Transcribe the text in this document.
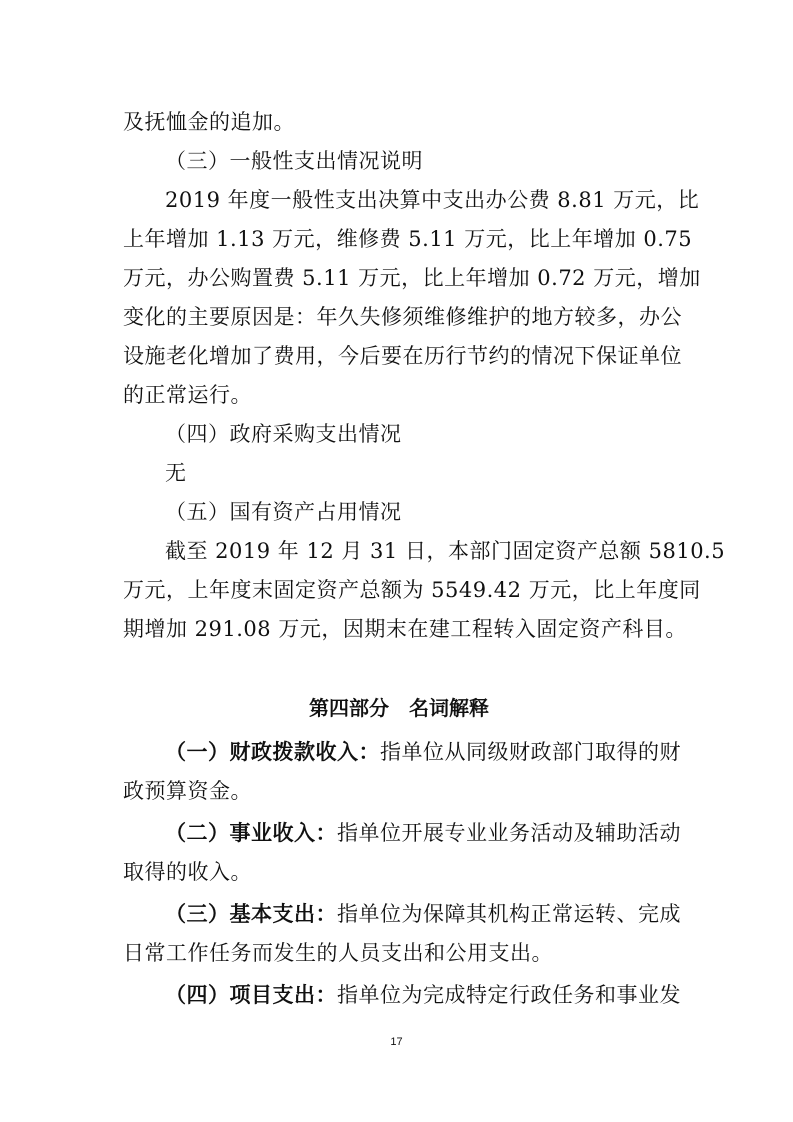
及抚恤金的追加。
（三）一般性支出情况说明
2019 年度一般性支出决算中支出办公费 8.81 万元，比
上年增加 1.13 万元，维修费 5.11 万元，比上年增加 0.75
万元，办公购置费 5.11 万元，比上年增加 0.72 万元，增加
变化的主要原因是：年久失修须维修维护的地方较多，办公
设施老化增加了费用，今后要在历行节约的情况下保证单位
的正常运行。
（四）政府采购支出情况
无
（五）国有资产占用情况
截至 2019 年 12 月 31 日，本部门固定资产总额 5810.5
万元，上年度末固定资产总额为 5549.42 万元，比上年度同
期增加 291.08 万元，因期末在建工程转入固定资产科目。
第四部分　名词解释
（一）财政拨款收入：指单位从同级财政部门取得的财
政预算资金。
（二）事业收入：指单位开展专业业务活动及辅助活动
取得的收入。
（三）基本支出：指单位为保障其机构正常运转、完成
日常工作任务而发生的人员支出和公用支出。
（四）项目支出：指单位为完成特定行政任务和事业发
17
